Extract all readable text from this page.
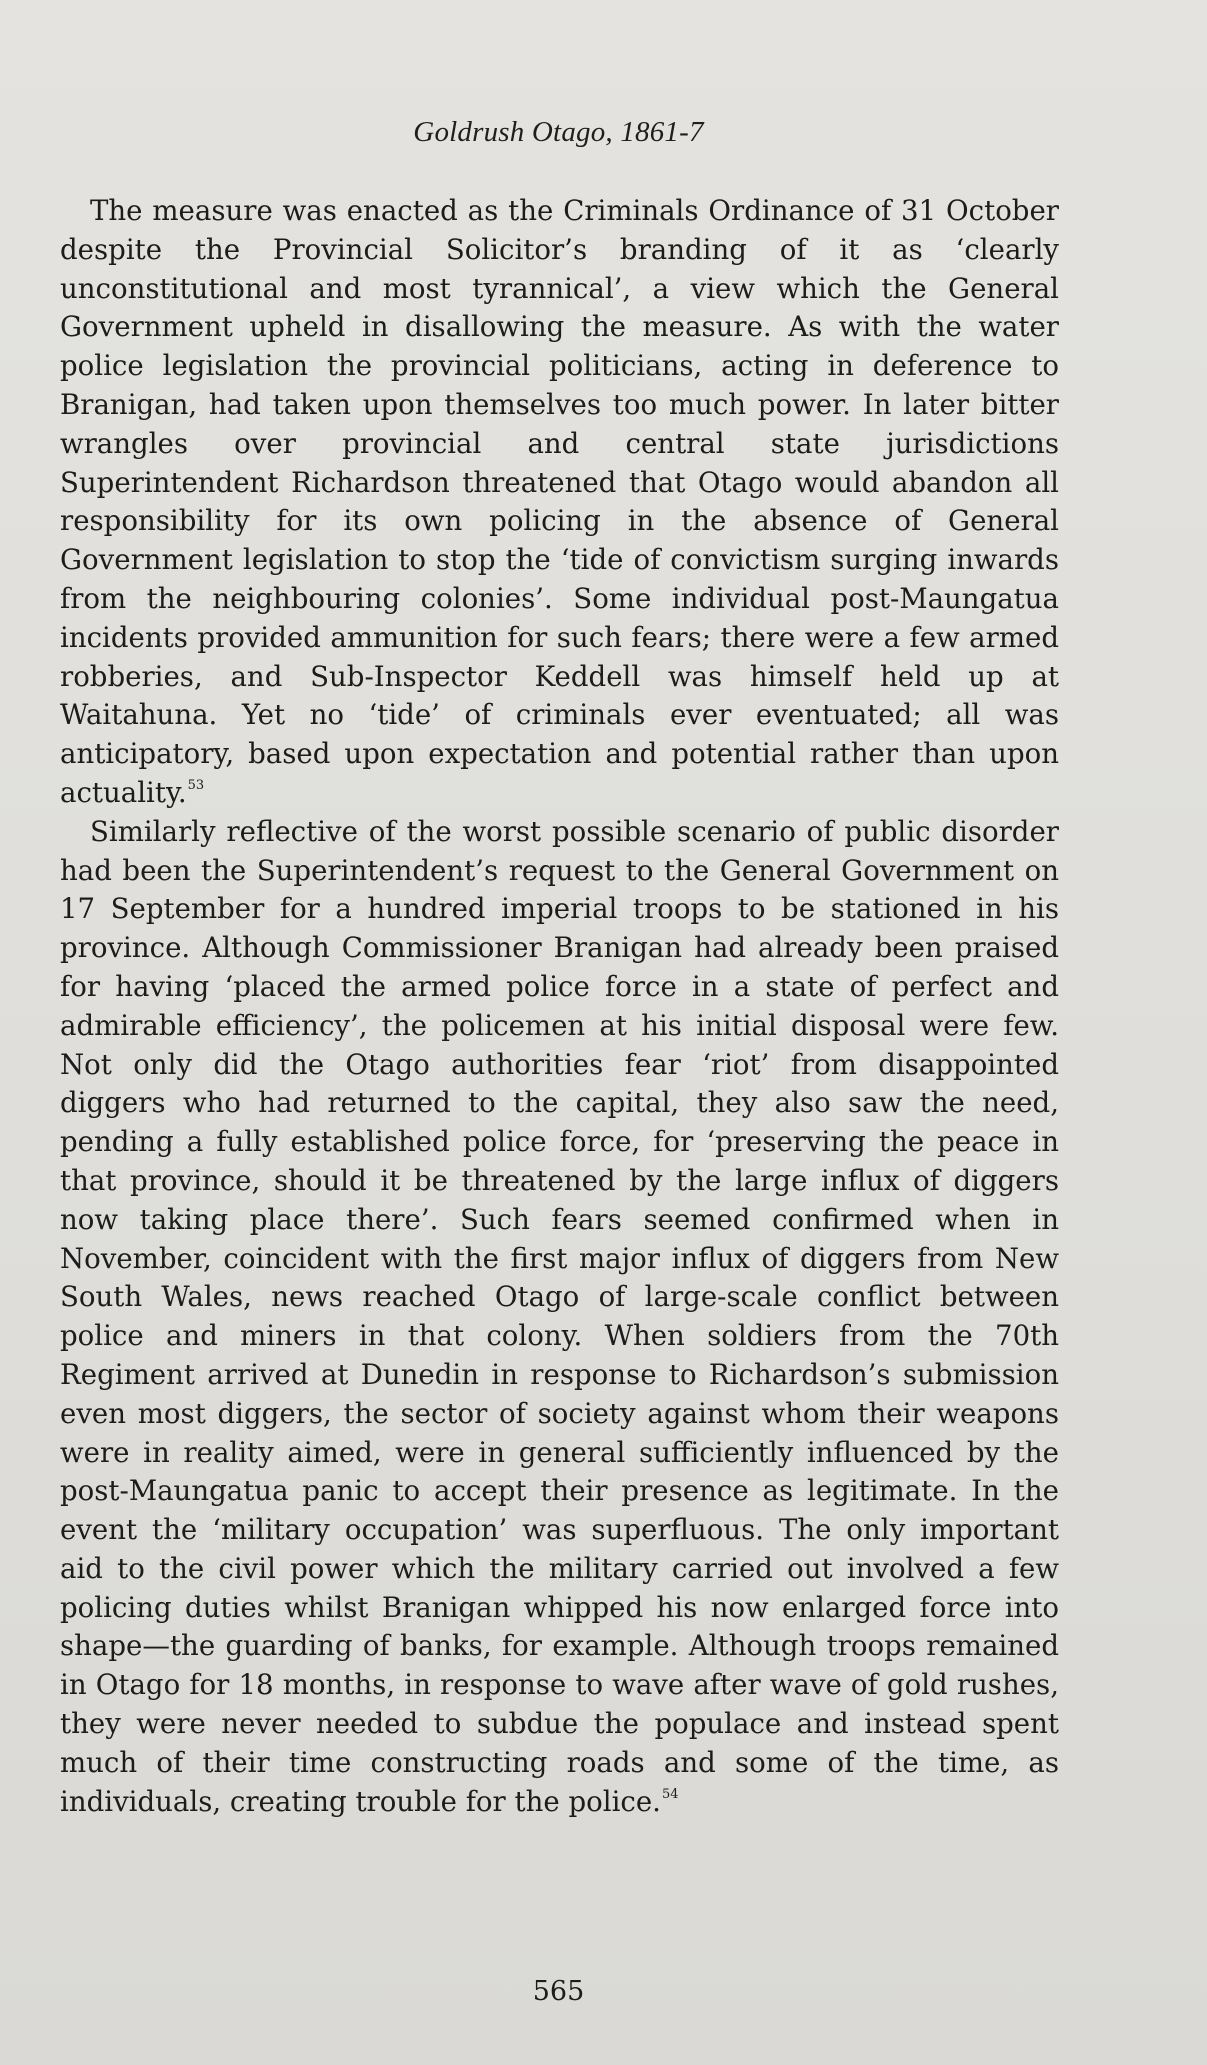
Goldrush Otago, 1861-7

The measure was enacted as the Criminals Ordinance of 31 October despite the Provincial Solicitor’s branding of it as ‘clearly unconstitutional and most tyrannical’, a view which the General Government upheld in disallowing the measure. As with the water police legislation the provincial politicians, acting in deference to Branigan, had taken upon themselves too much power. In later bitter wrangles over provincial and central state jurisdictions Superintendent Richardson threatened that Otago would abandon all responsibility for its own policing in the absence of General Government legislation to stop the ‘tide of convictism surging inwards from the neighbouring colonies’. Some individual post-Maungatua incidents provided ammunition for such fears; there were a few armed robberies, and Sub-Inspector Keddell was himself held up at Waitahuna. Yet no ‘tide’ of criminals ever eventuated; all was anticipatory, based upon expectation and potential rather than upon actuality.$^{53}$

Similarly reflective of the worst possible scenario of public disorder had been the Superintendent’s request to the General Government on 17 September for a hundred imperial troops to be stationed in his province. Although Commissioner Branigan had already been praised for having ‘placed the armed police force in a state of perfect and admirable efficiency’, the policemen at his initial disposal were few. Not only did the Otago authorities fear ‘riot’ from disappointed diggers who had returned to the capital, they also saw the need, pending a fully established police force, for ‘preserving the peace in that province, should it be threatened by the large influx of diggers now taking place there’. Such fears seemed confirmed when in November, coincident with the first major influx of diggers from New South Wales, news reached Otago of large-scale conflict between police and miners in that colony. When soldiers from the 70th Regiment arrived at Dunedin in response to Richardson’s submission even most diggers, the sector of society against whom their weapons were in reality aimed, were in general sufficiently influenced by the post-Maungatua panic to accept their presence as legitimate. In the event the ‘military occupation’ was superfluous. The only important aid to the civil power which the military carried out involved a few policing duties whilst Branigan whipped his now enlarged force into shape—the guarding of banks, for example. Although troops remained in Otago for 18 months, in response to wave after wave of gold rushes, they were never needed to subdue the populace and instead spent much of their time constructing roads and some of the time, as individuals, creating trouble for the police.$^{54}$

565
